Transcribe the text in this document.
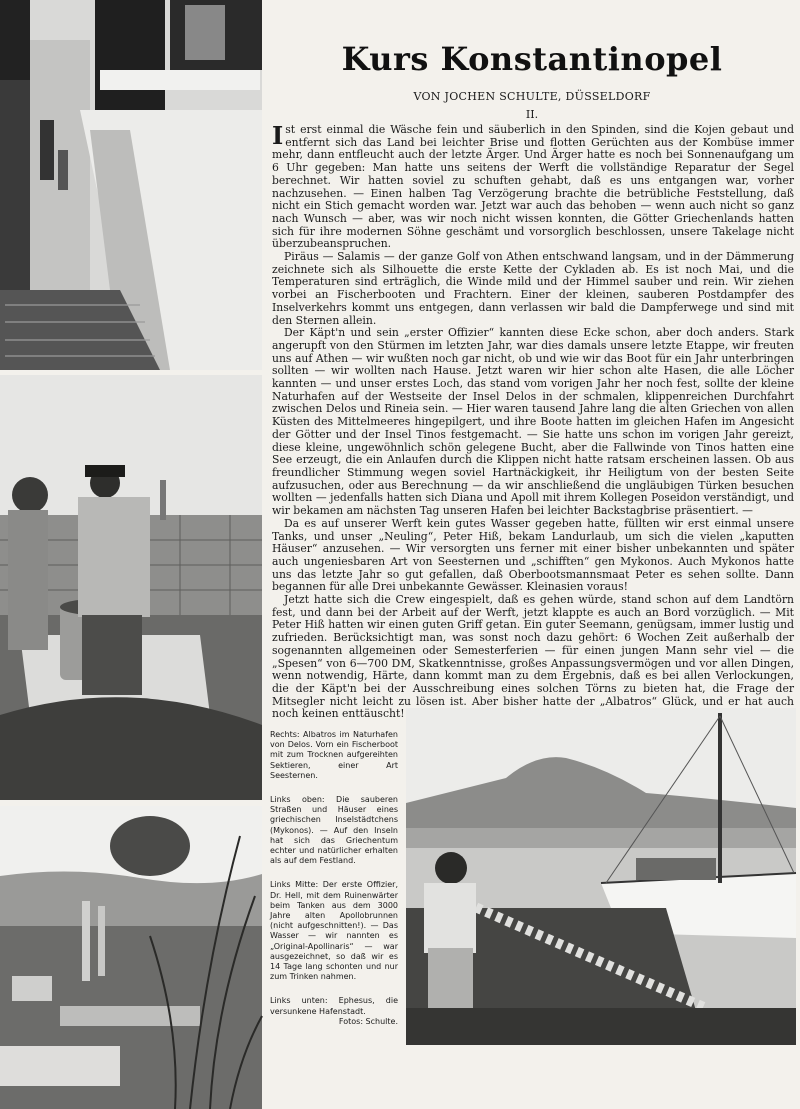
Kurs Konstantinopel
VON JOCHEN SCHULTE, DÜSSELDORF
II.

Ist erst einmal die Wäsche fein und säuberlich in den Spinden, sind die Kojen gebaut und entfernt sich das Land bei leichter Brise und flotten Gerüchten aus der Kombüse immer mehr, dann entfleucht auch der letzte Ärger. Und Ärger hatte es noch bei Sonnenaufgang um 6 Uhr gegeben: Man hatte uns seitens der Werft die vollständige Reparatur der Segel berechnet. Wir hatten soviel zu schuften gehabt, daß es uns entgangen war, vorher nachzusehen. — Einen halben Tag Verzögerung brachte die betrübliche Feststellung, daß nicht ein Stich gemacht worden war. Jetzt war auch das behoben — wenn auch nicht so ganz nach Wunsch — aber, was wir noch nicht wissen konnten, die Götter Griechenlands hatten sich für ihre modernen Söhne geschämt und vorsorglich beschlossen, unsere Takelage nicht überzubeanspruchen.

Piräus — Salamis — der ganze Golf von Athen entschwand langsam, und in der Dämmerung zeichnete sich als Silhouette die erste Kette der Cykladen ab. Es ist noch Mai, und die Temperaturen sind erträglich, die Winde mild und der Himmel sauber und rein. Wir ziehen vorbei an Fischerbooten und Frachtern. Einer der kleinen, sauberen Postdampfer des Inselverkehrs kommt uns entgegen, dann verlassen wir bald die Dampferwege und sind mit den Sternen allein.

Der Käpt'n und sein „erster Offizier“ kannten diese Ecke schon, aber doch anders. Stark angerupft von den Stürmen im letzten Jahr, war dies damals unsere letzte Etappe, wir freuten uns auf Athen — wir wußten noch gar nicht, ob und wie wir das Boot für ein Jahr unterbringen sollten — wir wollten nach Hause. Jetzt waren wir hier schon alte Hasen, die alle Löcher kannten — und unser erstes Loch, das stand vom vorigen Jahr her noch fest, sollte der kleine Naturhafen auf der Westseite der Insel Delos in der schmalen, klippenreichen Durchfahrt zwischen Delos und Rineia sein. — Hier waren tausend Jahre lang die alten Griechen von allen Küsten des Mittelmeeres hingepilgert, und ihre Boote hatten im gleichen Hafen im Angesicht der Götter und der Insel Tinos festgemacht. — Sie hatte uns schon im vorigen Jahr gereizt, diese kleine, ungewöhnlich schön gelegene Bucht, aber die Fallwinde von Tinos hatten eine See erzeugt, die ein Anlaufen durch die Klippen nicht hatte ratsam erscheinen lassen. Ob aus freundlicher Stimmung wegen soviel Hartnäckigkeit, ihr Heiligtum von der besten Seite aufzusuchen, oder aus Berechnung — da wir anschließend die ungläubigen Türken besuchen wollten — jedenfalls hatten sich Diana und Apoll mit ihrem Kollegen Poseidon verständigt, und wir bekamen am nächsten Tag unseren Hafen bei leichter Backstagbrise präsentiert. —

Da es auf unserer Werft kein gutes Wasser gegeben hatte, füllten wir erst einmal unsere Tanks, und unser „Neuling“, Peter Hiß, bekam Landurlaub, um sich die vielen „kaputten Häuser“ anzusehen. — Wir versorgten uns ferner mit einer bisher unbekannten und später auch ungeniesbaren Art von Seesternen und „schifften“ gen Mykonos. Auch Mykonos hatte uns das letzte Jahr so gut gefallen, daß Oberbootsmannsmaat Peter es sehen sollte. Dann begannen für alle Drei unbekannte Gewässer. Kleinasien voraus!

Jetzt hatte sich die Crew eingespielt, daß es gehen würde, stand schon auf dem Landtörn fest, und dann bei der Arbeit auf der Werft, jetzt klappte es auch an Bord vorzüglich. — Mit Peter Hiß hatten wir einen guten Griff getan. Ein guter Seemann, genügsam, immer lustig und zufrieden. Berücksichtigt man, was sonst noch dazu gehört: 6 Wochen Zeit außerhalb der sogenannten allgemeinen oder Semesterferien — für einen jungen Mann sehr viel — die „Spesen“ von 6—700 DM, Skatkenntnisse, großes Anpassungsvermögen und vor allen Dingen, wenn notwendig, Härte, dann kommt man zu dem Ergebnis, daß es bei allen Verlockungen, die der Käpt'n bei der Ausschreibung eines solchen Törns zu bieten hat, die Frage der Mitsegler nicht leicht zu lösen ist. Aber bisher hatte der „Albatros“ Glück, und er hat auch noch keinen enttäuscht!

Rechts: Albatros im Naturhafen von Delos. Vorn ein Fischerboot mit zum Trocknen aufgereihten Sektieren, einer Art Seesternen.

Links oben: Die sauberen Straßen und Häuser eines griechischen Inselstädtchens (Mykonos). — Auf den Inseln hat sich das Griechentum echter und natürlicher erhalten als auf dem Festland.

Links Mitte: Der erste Offizier, Dr. Hell, mit dem Ruinenwärter beim Tanken aus dem 3000 Jahre alten Apollobrunnen (nicht aufgeschnitten!). — Das Wasser — wir nannten es „Original-Apollinaris“ — war ausgezeichnet, so daß wir es 14 Tage lang schonten und nur zum Trinken nahmen.

Links unten: Ephesus, die versunkene Hafenstadt.
Fotos: Schulte.
